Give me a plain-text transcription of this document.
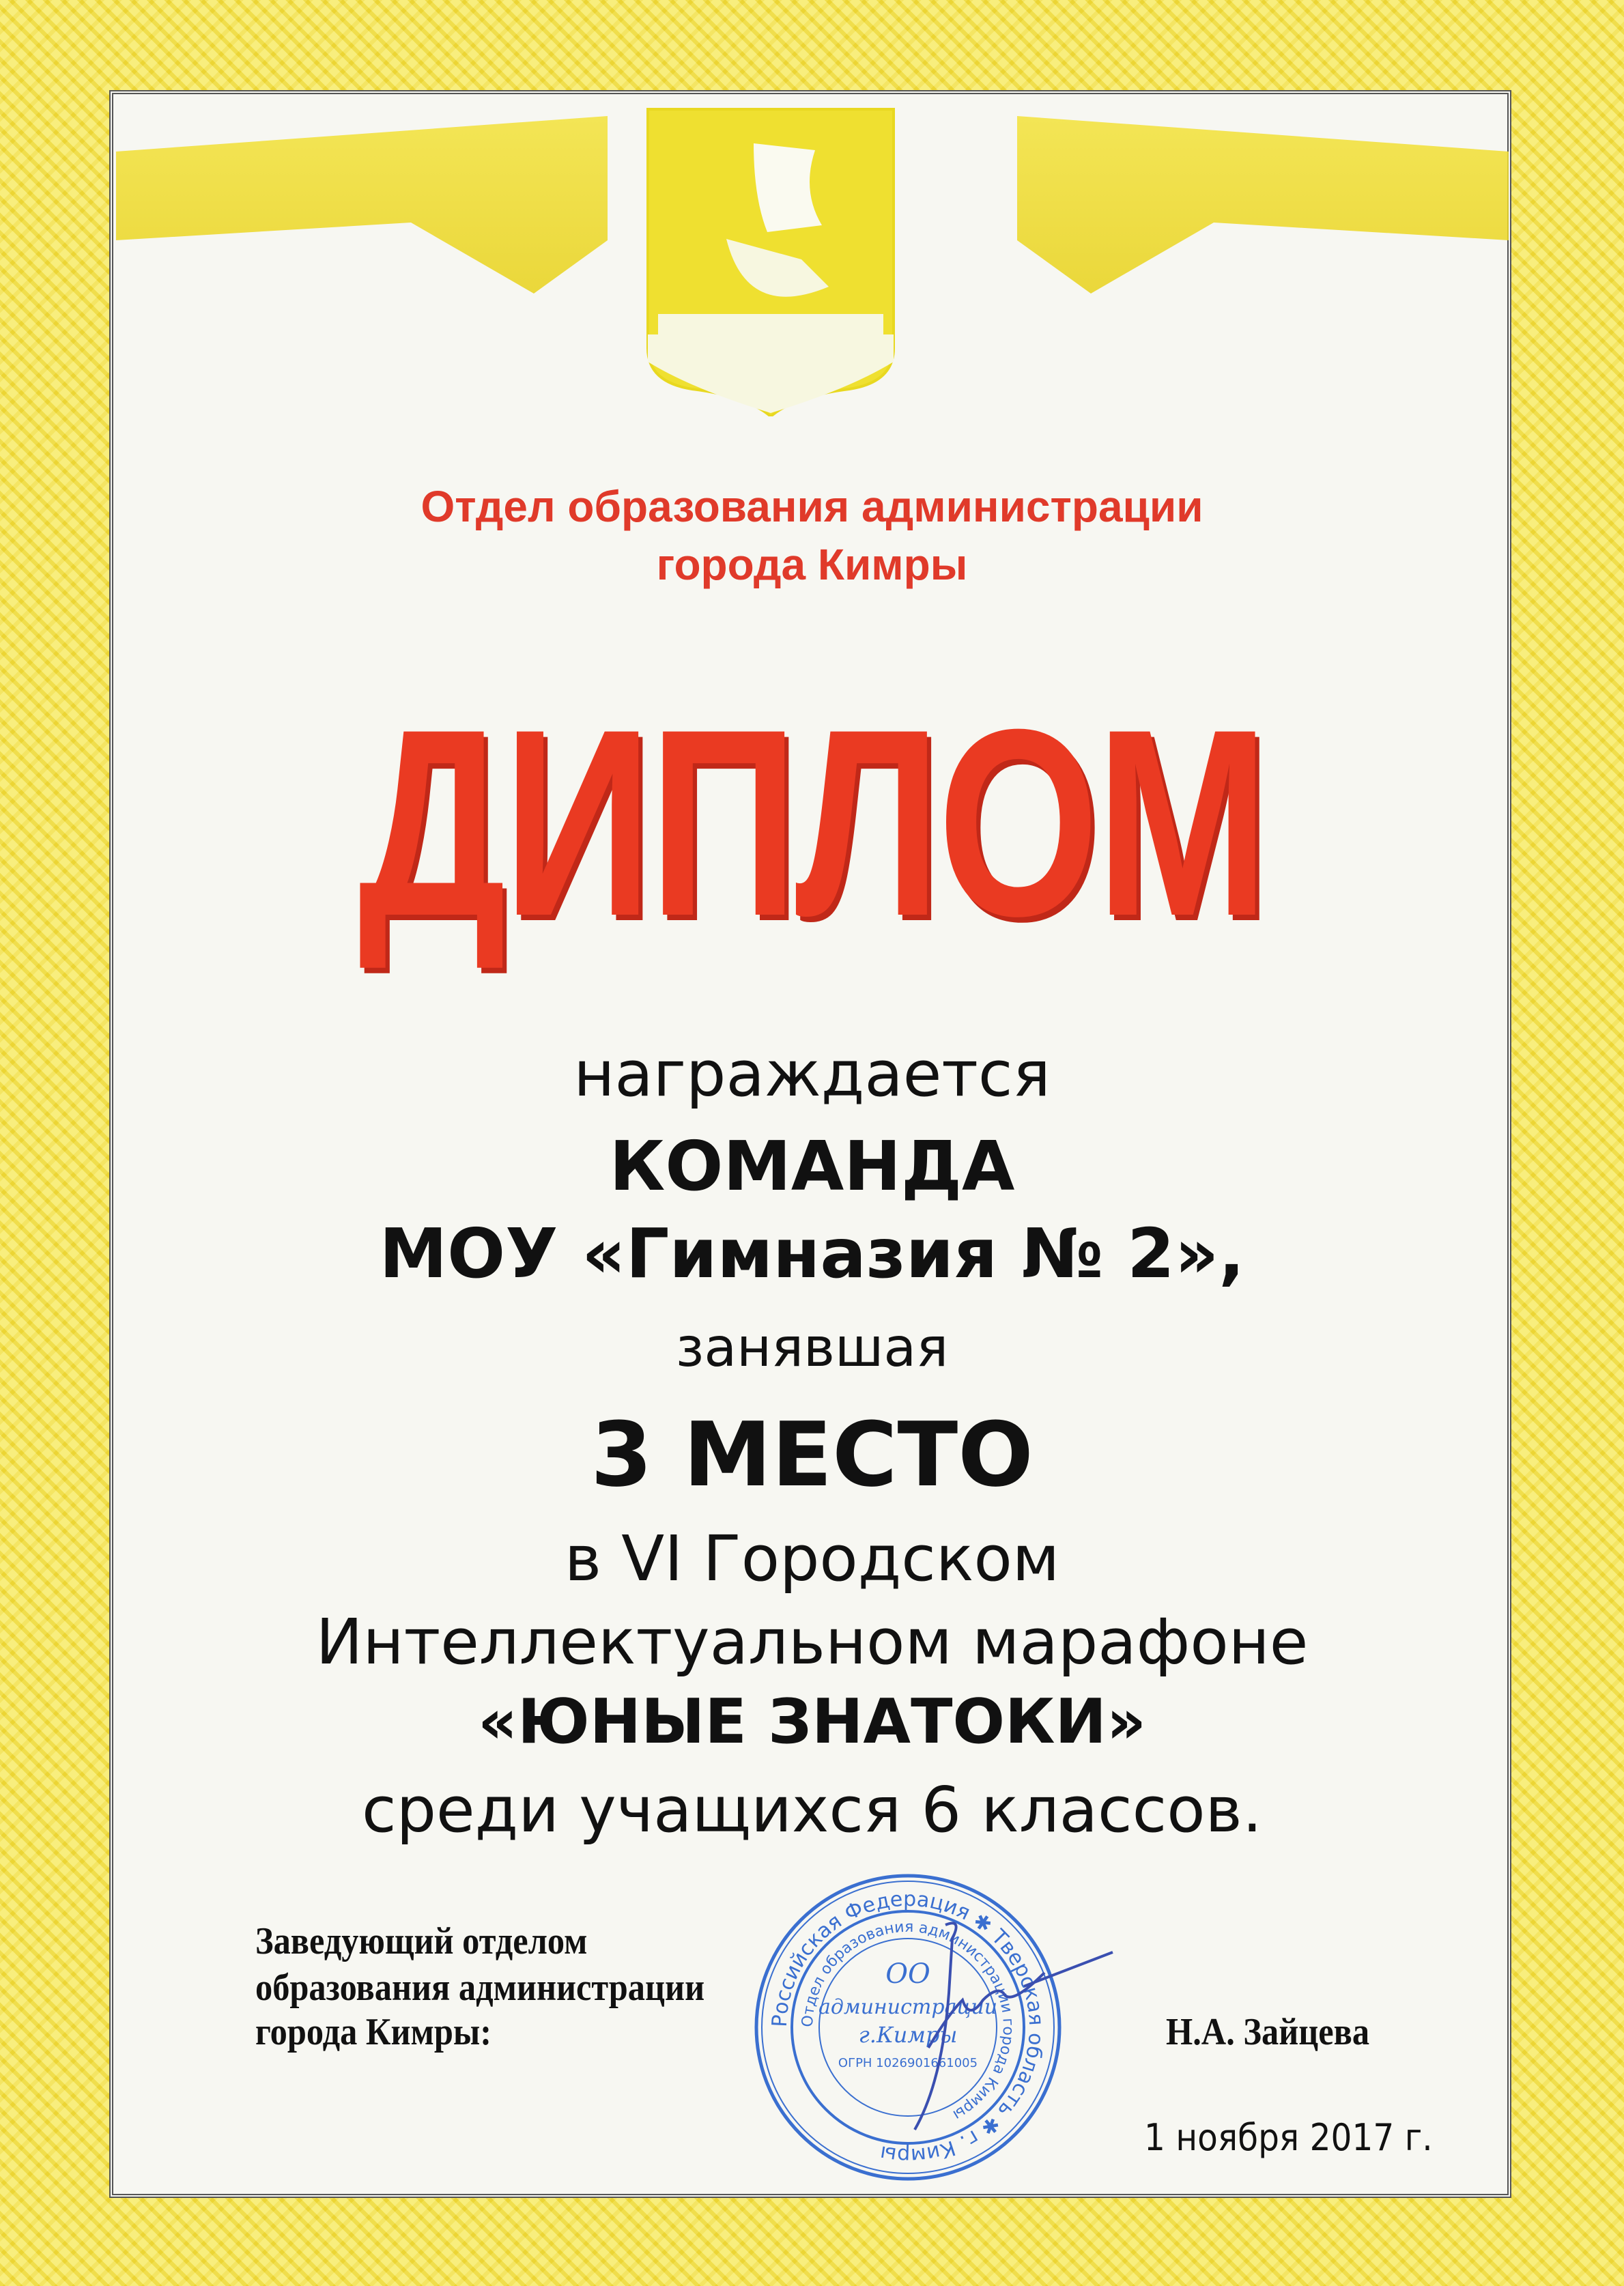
Отдел образования администрации
города Кимры
ДИПЛОМ
награждается
КОМАНДА
МОУ «Гимназия № 2»,
занявшая
3 МЕСТО
в VI Городском
Интеллектуальном марафоне
«ЮНЫЕ ЗНАТОКИ»
среди учащихся 6 классов.
Заведующий отделом
образования администрации
города Кимры:	Н.А. Зайцева
1 ноября 2017 г.
Российская Федерация ✱ Тверская область ✱ г. Кимры
Отдел образования администрации города Кимры
ОО
администрации
г.Кимры
ОГРН 1026901661005
